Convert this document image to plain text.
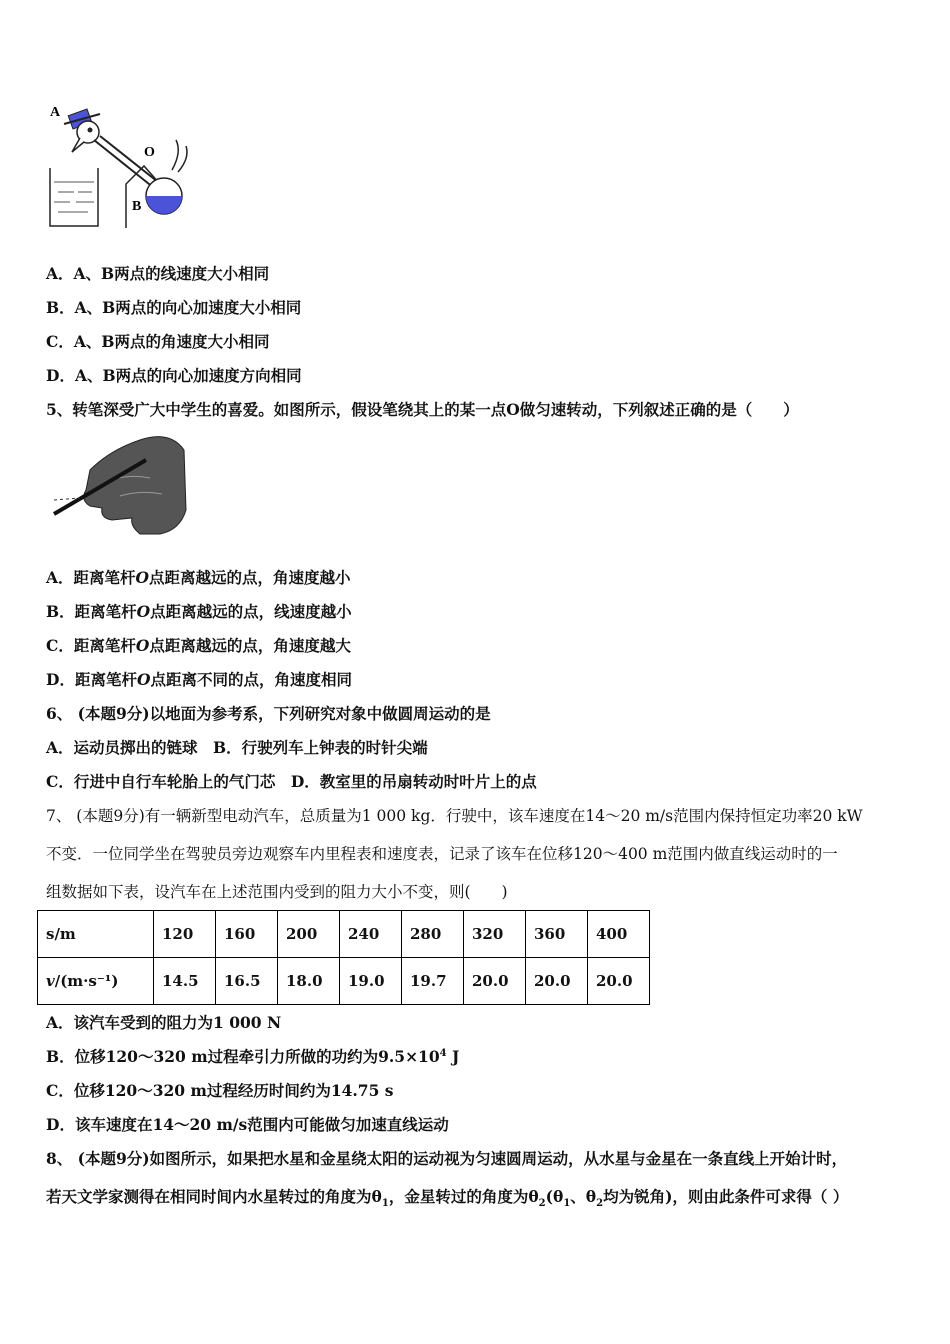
A
O
B
A．A、B两点的线速度大小相同
B．A、B两点的向心加速度大小相同
C．A、B两点的角速度大小相同
D．A、B两点的向心加速度方向相同
5、转笔深受广大中学生的喜爱。如图所示，假设笔绕其上的某一点O做匀速转动，下列叙述正确的是（　　）
A．距离笔杆O点距离越远的点，角速度越小
B．距离笔杆O点距离越远的点，线速度越小
C．距离笔杆O点距离越远的点，角速度越大
D．距离笔杆O点距离不同的点，角速度相同
6、 (本题9分)以地面为参考系，下列研究对象中做圆周运动的是
A．运动员掷出的链球　B．行驶列车上钟表的时针尖端
C．行进中自行车轮胎上的气门芯　D．教室里的吊扇转动时叶片上的点
7、 (本题9分)有一辆新型电动汽车，总质量为1 000 kg．行驶中，该车速度在14～20 m/s范围内保持恒定功率20 kW
不变．一位同学坐在驾驶员旁边观察车内里程表和速度表，记录了该车在位移120～400 m范围内做直线运动时的一
组数据如下表，设汽车在上述范围内受到的阻力大小不变，则(　　)
s/m	120	160	200	240	280	320	360	400
v/(m·s⁻¹)	14.5	16.5	18.0	19.0	19.7	20.0	20.0	20.0
A．该汽车受到的阻力为1 000 N
B．位移120～320 m过程牵引力所做的功约为$9.5\times 10^4$ J
C．位移120～320 m过程经历时间约为14.75 s
D．该车速度在14～20 m/s范围内可能做匀加速直线运动
8、 (本题9分)如图所示，如果把水星和金星绕太阳的运动视为匀速圆周运动，从水星与金星在一条直线上开始计时，
若天文学家测得在相同时间内水星转过的角度为$\theta_1$，金星转过的角度为$\theta_2(\theta_1$、$\theta_2$均为锐角)，则由此条件可求得（ ）
